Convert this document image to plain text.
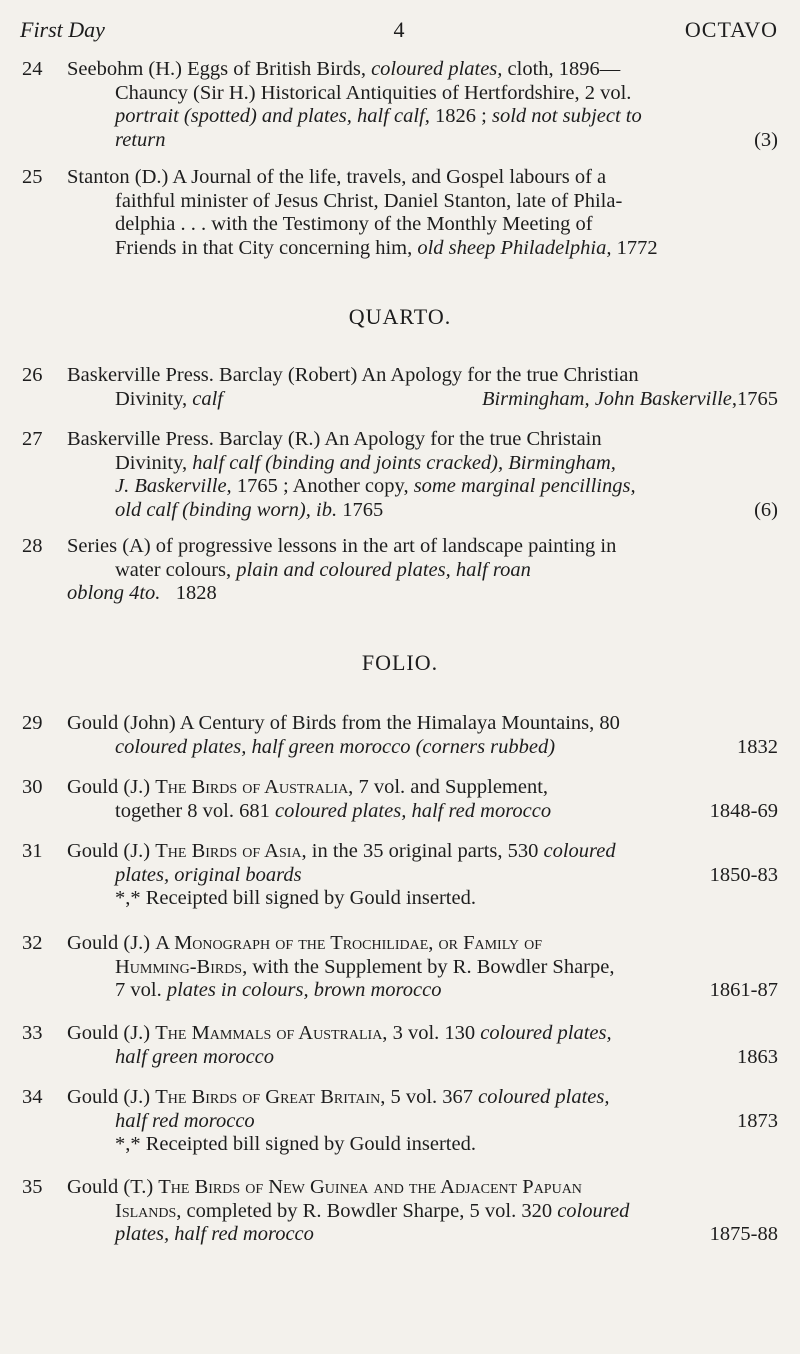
First Day	4	OCTAVO
24	Seebohm (H.) Eggs of British Birds, coloured plates, cloth, 1896—

Chauncy (Sir H.) Historical Antiquities of Hertfordshire, 2 vol.

portrait (spotted) and plates, half calf, 1826 ; sold not subject to

return	(3)

25	Stanton (D.) A Journal of the life, travels, and Gospel labours of a

faithful minister of Jesus Christ, Daniel Stanton, late of Phila-

delphia . . . with the Testimony of the Monthly Meeting of

Friends in that City concerning him, old sheep Philadelphia, 1772

QUARTO.
26	Baskerville Press. Barclay (Robert) An Apology for the true Christian

Divinity,
calf	Birmingham, John Baskerville,1765

27	Baskerville Press. Barclay (R.) An Apology for the true Christain

Divinity, half calf (binding and joints cracked), Birmingham,

J. Baskerville, 1765 ; Another copy, some marginal pencillings,

old calf (binding worn), ib. 1765	(6)

28	Series (A) of progressive lessons in the art of landscape painting in

water colours, plain and coloured plates, half roan

oblong 4to. 1828

FOLIO.
29	Gould (John) A Century of Birds from the Himalaya Mountains, 80

coloured plates, half green morocco (corners rubbed)	1832

30	Gould (J.) The Birds of Australia, 7 vol. and Supplement,

together 8 vol. 681 coloured plates, half red morocco	1848-69

31	Gould (J.) The Birds of Asia, in the 35 original parts, 530 coloured

plates, original boards	1850-83

*,* Receipted bill signed by Gould inserted.

32	Gould (J.) A Monograph of the Trochilidae, or Family of

Humming-Birds, with the Supplement by R. Bowdler Sharpe,

7 vol. plates in colours, brown morocco	1861-87

33	Gould (J.) The Mammals of Australia, 3 vol. 130 coloured plates,

half green morocco	1863

34	Gould (J.) The Birds of Great Britain, 5 vol. 367 coloured plates,

half red morocco	1873

*,* Receipted bill signed by Gould inserted.

35	Gould (T.) The Birds of New Guinea and the Adjacent Papuan

Islands, completed by R. Bowdler Sharpe, 5 vol. 320 coloured

plates, half red morocco	1875-88
